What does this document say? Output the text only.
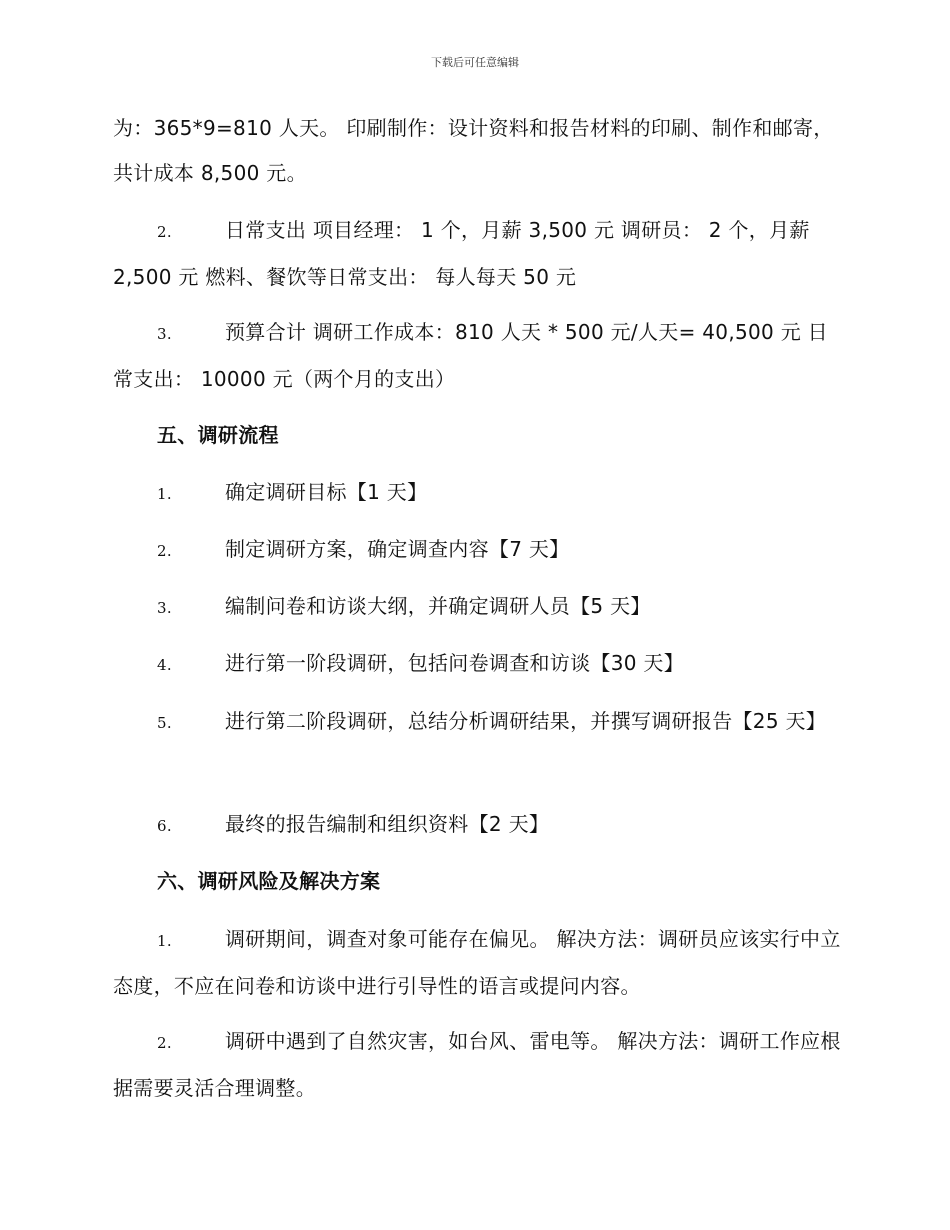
下载后可任意编辑
为：365*9=810 人天。 印刷制作：设计资料和报告材料的印刷、制作和邮寄，共计成本 8,500 元。
2.	日常支出 项目经理： 1 个，月薪 3,500 元 调研员： 2 个，月薪 2,500 元 燃料、餐饮等日常支出： 每人每天 50 元
3.	预算合计 调研工作成本：810 人天 * 500 元/人天= 40,500 元 日常支出： 10000 元（两个月的支出）
五、调研流程
1.	确定调研目标【1 天】
2.	制定调研方案，确定调查内容【7 天】
3.	编制问卷和访谈大纲，并确定调研人员【5 天】
4.	进行第一阶段调研，包括问卷调查和访谈【30 天】
5.	进行第二阶段调研，总结分析调研结果，并撰写调研报告【25 天】
6.	最终的报告编制和组织资料【2 天】
六、调研风险及解决方案
1.	调研期间，调查对象可能存在偏见。 解决方法：调研员应该实行中立态度，不应在问卷和访谈中进行引导性的语言或提问内容。
2.	调研中遇到了自然灾害，如台风、雷电等。 解决方法：调研工作应根据需要灵活合理调整。
